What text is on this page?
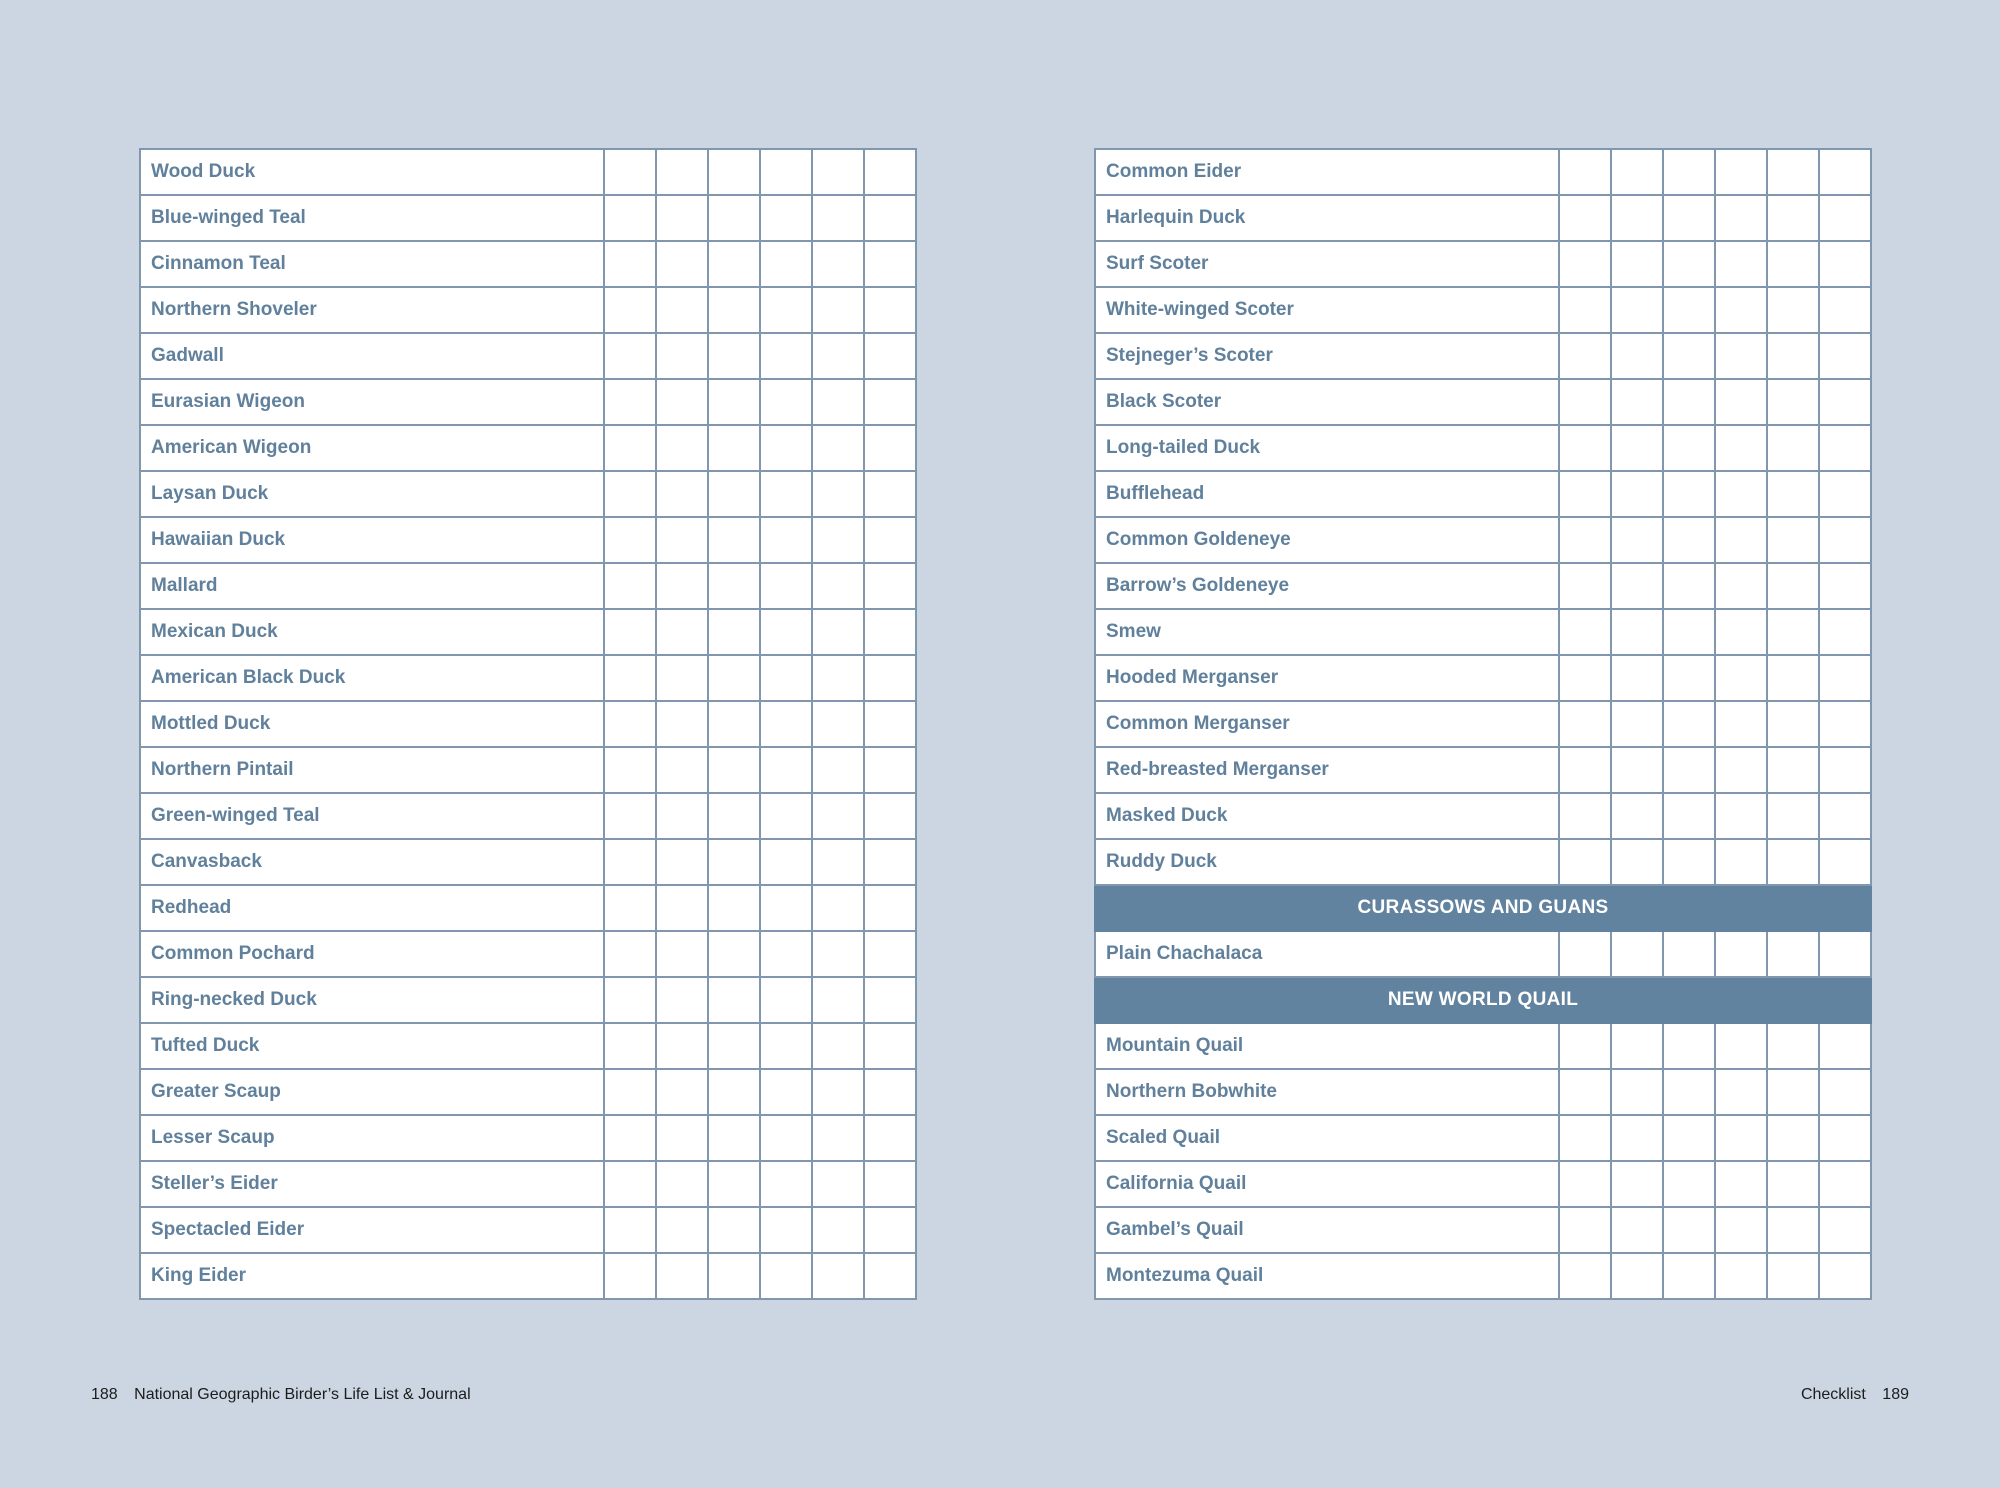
Wood Duck						
Blue-winged Teal						
Cinnamon Teal						
Northern Shoveler						
Gadwall						
Eurasian Wigeon						
American Wigeon						
Laysan Duck						
Hawaiian Duck						
Mallard						
Mexican Duck						
American Black Duck						
Mottled Duck						
Northern Pintail						
Green-winged Teal						
Canvasback						
Redhead						
Common Pochard						
Ring-necked Duck						
Tufted Duck						
Greater Scaup						
Lesser Scaup						
Steller’s Eider						
Spectacled Eider						
King Eider						
Common Eider						
Harlequin Duck						
Surf Scoter						
White-winged Scoter						
Stejneger’s Scoter						
Black Scoter						
Long-tailed Duck						
Bufflehead						
Common Goldeneye						
Barrow’s Goldeneye						
Smew						
Hooded Merganser						
Common Merganser						
Red-breasted Merganser						
Masked Duck						
Ruddy Duck						
CURASSOWS AND GUANS						
Plain Chachalaca						
NEW WORLD QUAIL						
Mountain Quail						
Northern Bobwhite						
Scaled Quail						
California Quail						
Gambel’s Quail						
Montezuma Quail						
188 National Geographic Birder’s Life List & Journal	Checklist 189
